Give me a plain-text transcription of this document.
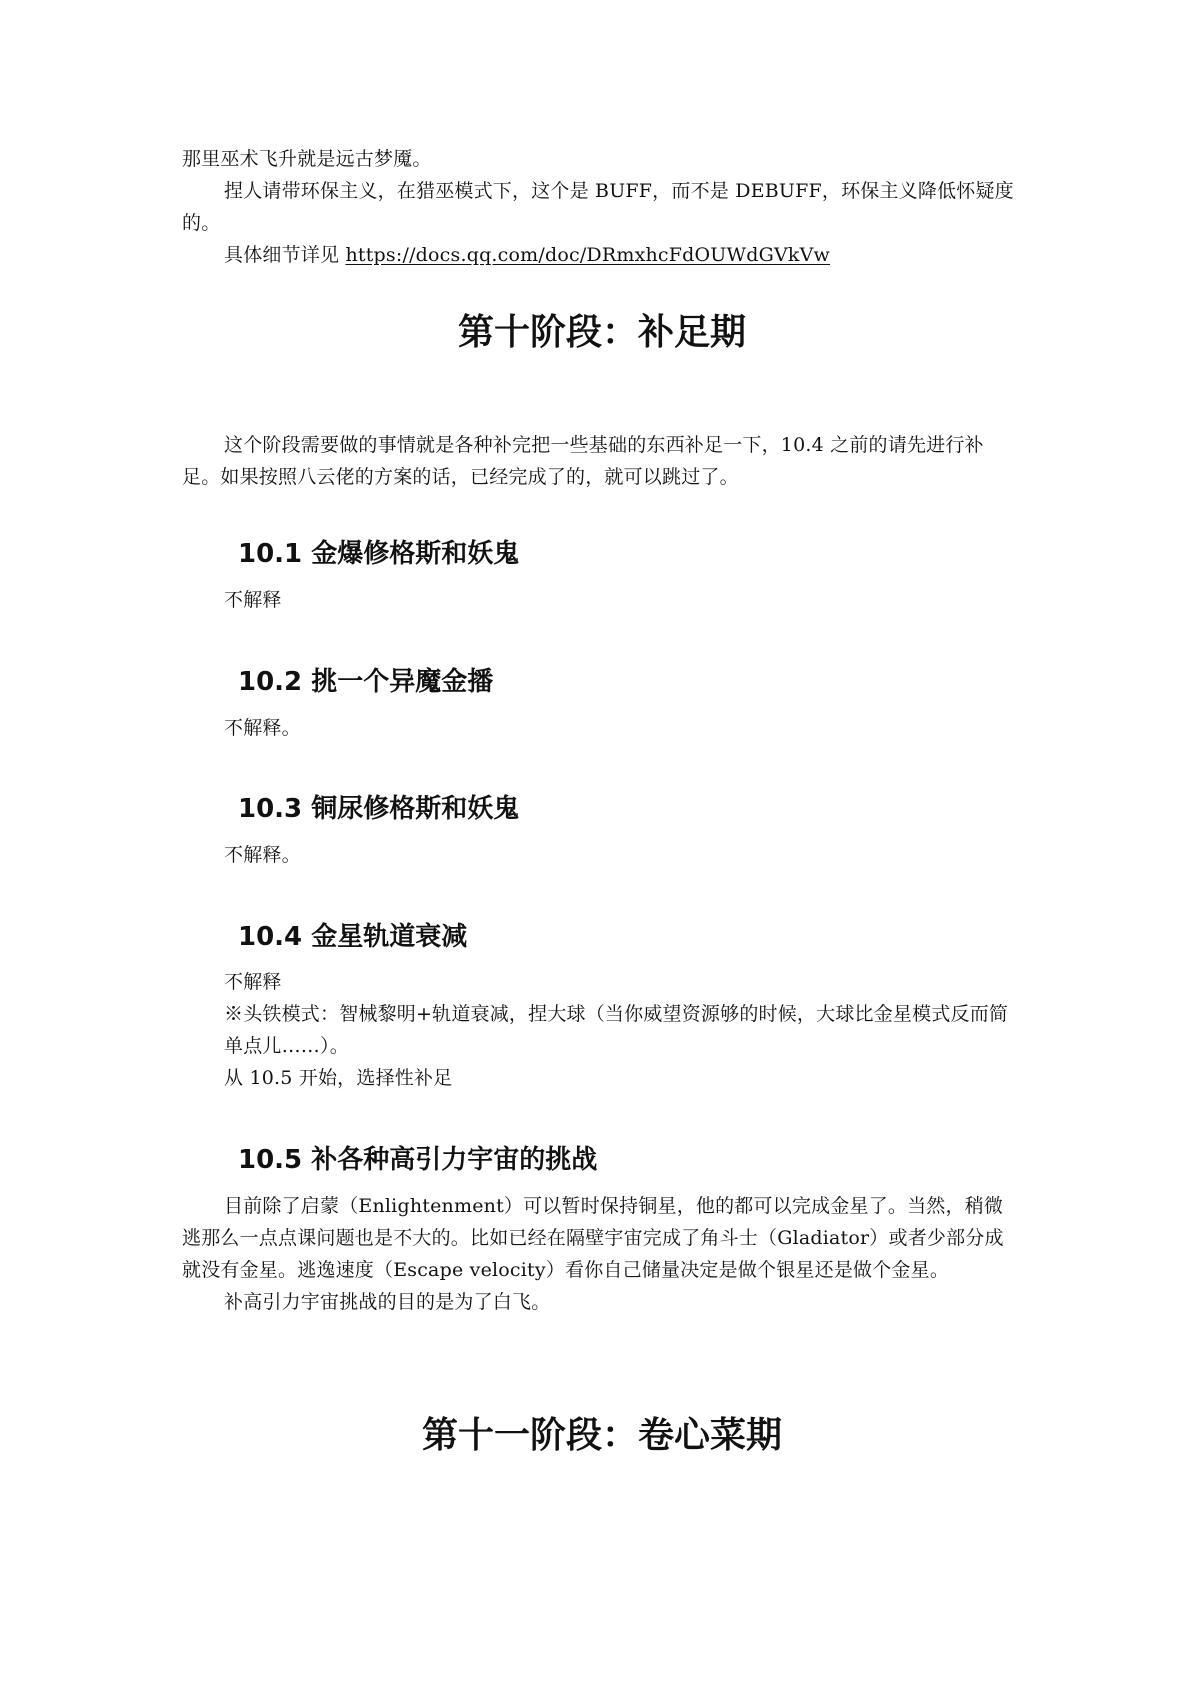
那里巫术飞升就是远古梦魇。

捏人请带环保主义，在猎巫模式下，这个是 BUFF，而不是 DEBUFF，环保主义降低怀疑度的。

具体细节详见 https://docs.qq.com/doc/DRmxhcFdOUWdGVkVw

第十阶段：补足期

这个阶段需要做的事情就是各种补完把一些基础的东西补足一下，10.4 之前的请先进行补足。如果按照八云佬的方案的话，已经完成了的，就可以跳过了。

10.1 金爆修格斯和妖鬼

不解释

10.2 挑一个异魔金播

不解释。

10.3 铜尿修格斯和妖鬼

不解释。

10.4 金星轨道衰减

不解释

※头铁模式：智械黎明+轨道衰减，捏大球（当你威望资源够的时候，大球比金星模式反而简单点儿……）。

从 10.5 开始，选择性补足

10.5 补各种高引力宇宙的挑战

目前除了启蒙（Enlightenment）可以暂时保持铜星，他的都可以完成金星了。当然，稍微逃那么一点点课问题也是不大的。比如已经在隔壁宇宙完成了角斗士（Gladiator）或者少部分成就没有金星。逃逸速度（Escape velocity）看你自己储量决定是做个银星还是做个金星。

补高引力宇宙挑战的目的是为了白飞。

第十一阶段：卷心菜期
